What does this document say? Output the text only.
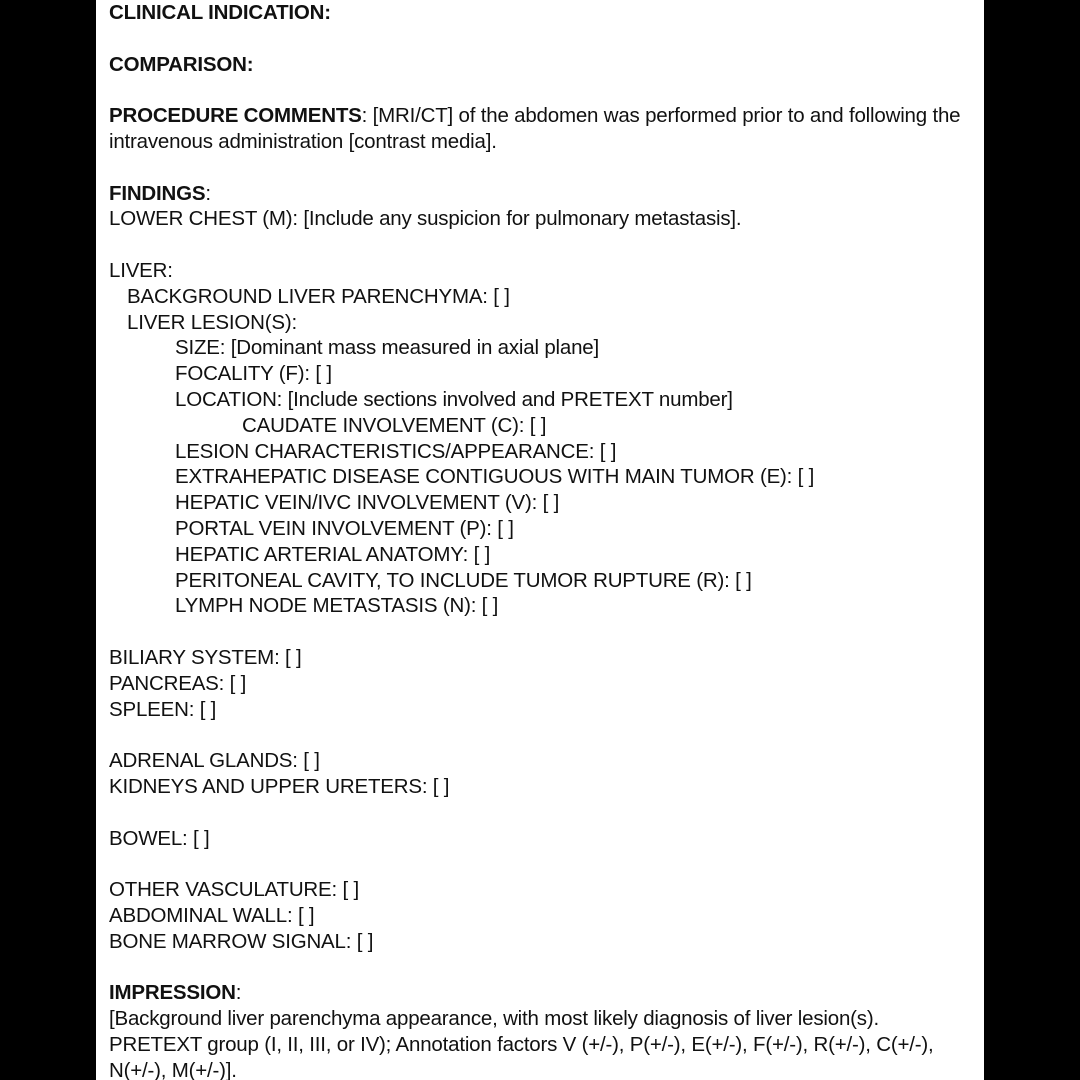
CLINICAL INDICATION:
COMPARISON:
PROCEDURE COMMENTS: [MRI/CT] of the abdomen was performed prior to and following the intravenous administration [contrast media].
FINDINGS:
LOWER CHEST (M): [Include any suspicion for pulmonary metastasis].
LIVER:
BACKGROUND LIVER PARENCHYMA: [ ]
LIVER LESION(S):
SIZE: [Dominant mass measured in axial plane]
FOCALITY (F): [ ]
LOCATION: [Include sections involved and PRETEXT number]
CAUDATE INVOLVEMENT (C): [ ]
LESION CHARACTERISTICS/APPEARANCE: [ ]
EXTRAHEPATIC DISEASE CONTIGUOUS WITH MAIN TUMOR (E): [ ]
HEPATIC VEIN/IVC INVOLVEMENT (V): [ ]
PORTAL VEIN INVOLVEMENT (P): [ ]
HEPATIC ARTERIAL ANATOMY: [ ]
PERITONEAL CAVITY, TO INCLUDE TUMOR RUPTURE (R): [ ]
LYMPH NODE METASTASIS (N): [ ]
BILIARY SYSTEM: [ ]
PANCREAS: [ ]
SPLEEN: [ ]
ADRENAL GLANDS: [ ]
KIDNEYS AND UPPER URETERS: [ ]
BOWEL: [ ]
OTHER VASCULATURE: [ ]
ABDOMINAL WALL: [ ]
BONE MARROW SIGNAL: [ ]
IMPRESSION:
[Background liver parenchyma appearance, with most likely diagnosis of liver lesion(s). PRETEXT group (I, II, III, or IV); Annotation factors V (+/-), P(+/-), E(+/-), F(+/-), R(+/-), C(+/-), N(+/-), M(+/-)].
